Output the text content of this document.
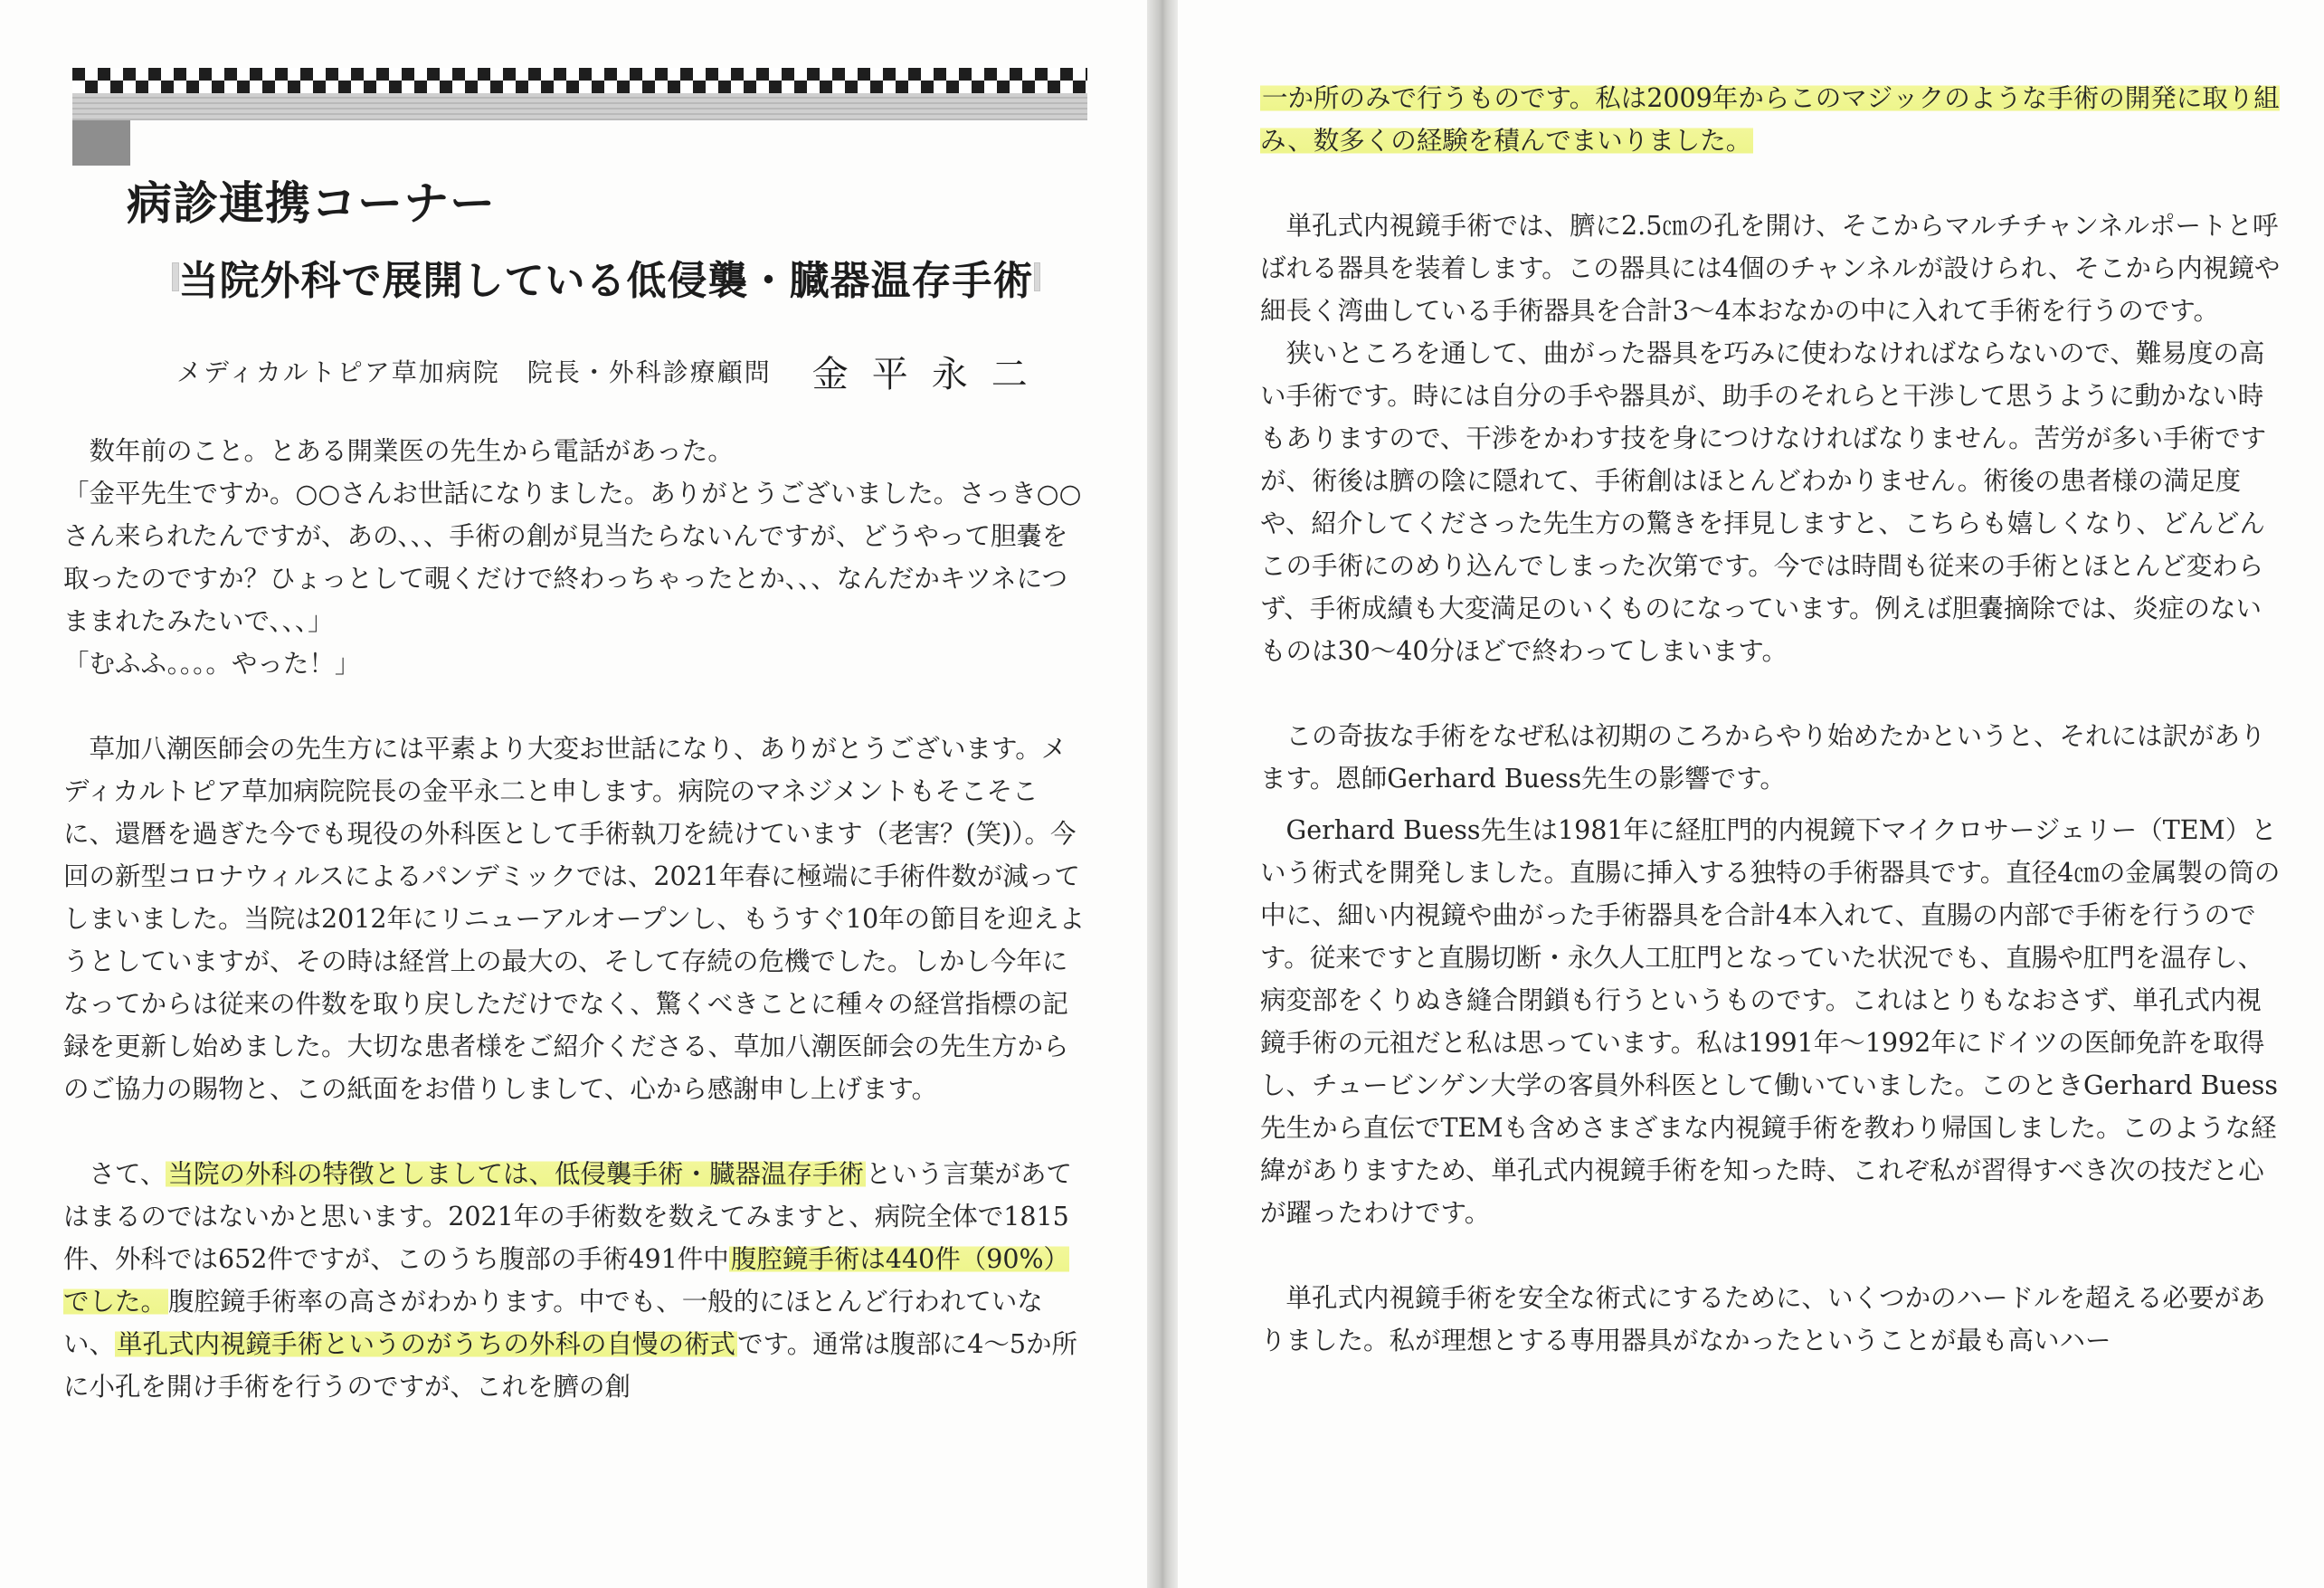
病診連携コーナー
当院外科で展開している低侵襲・臓器温存手術
メディカルトピア草加病院　院長・外科診療顧問 金平永二

数年前のこと。とある開業医の先生から電話があった。

「金平先生ですか。○○さんお世話になりました。ありがとうございました。さっき○○さん来られたんですが、あの、、、手術の創が見当たらないんですが、どうやって胆嚢を取ったのですか？ひょっとして覗くだけで終わっちゃったとか、、、なんだかキツネにつままれたみたいで、、、」

「むふふ。。。。やった！」

草加八潮医師会の先生方には平素より大変お世話になり、ありがとうございます。メディカルトピア草加病院院長の金平永二と申します。病院のマネジメントもそこそこに、還暦を過ぎた今でも現役の外科医として手術執刀を続けています（老害？(笑)）。今回の新型コロナウィルスによるパンデミックでは、2021年春に極端に手術件数が減ってしまいました。当院は2012年にリニューアルオープンし、もうすぐ10年の節目を迎えようとしていますが、その時は経営上の最大の、そして存続の危機でした。しかし今年になってからは従来の件数を取り戻しただけでなく、驚くべきことに種々の経営指標の記録を更新し始めました。大切な患者様をご紹介くださる、草加八潮医師会の先生方からのご協力の賜物と、この紙面をお借りしまして、心から感謝申し上げます。

さて、当院の外科の特徴としましては、低侵襲手術・臓器温存手術という言葉があてはまるのではないかと思います。2021年の手術数を数えてみますと、病院全体で1815件、外科では652件ですが、このうち腹部の手術491件中腹腔鏡手術は440件（90%）でした。腹腔鏡手術率の高さがわかります。中でも、一般的にほとんど行われていない、単孔式内視鏡手術というのがうちの外科の自慢の術式です。通常は腹部に4～5か所に小孔を開け手術を行うのですが、これを臍の創

一か所のみで行うものです。私は2009年からこのマジックのような手術の開発に取り組み、数多くの経験を積んでまいりました。

単孔式内視鏡手術では、臍に2.5㎝の孔を開け、そこからマルチチャンネルポートと呼ばれる器具を装着します。この器具には4個のチャンネルが設けられ、そこから内視鏡や細長く湾曲している手術器具を合計3～4本おなかの中に入れて手術を行うのです。

狭いところを通して、曲がった器具を巧みに使わなければならないので、難易度の高い手術です。時には自分の手や器具が、助手のそれらと干渉して思うように動かない時もありますので、干渉をかわす技を身につけなければなりません。苦労が多い手術ですが、術後は臍の陰に隠れて、手術創はほとんどわかりません。術後の患者様の満足度や、紹介してくださった先生方の驚きを拝見しますと、こちらも嬉しくなり、どんどんこの手術にのめり込んでしまった次第です。今では時間も従来の手術とほとんど変わらず、手術成績も大変満足のいくものになっています。例えば胆嚢摘除では、炎症のないものは30～40分ほどで終わってしまいます。

この奇抜な手術をなぜ私は初期のころからやり始めたかというと、それには訳があります。恩師Gerhard Buess先生の影響です。

Gerhard Buess先生は1981年に経肛門的内視鏡下マイクロサージェリー（TEM）という術式を開発しました。直腸に挿入する独特の手術器具です。直径4㎝の金属製の筒の中に、細い内視鏡や曲がった手術器具を合計4本入れて、直腸の内部で手術を行うのです。従来ですと直腸切断・永久人工肛門となっていた状況でも、直腸や肛門を温存し、病変部をくりぬき縫合閉鎖も行うというものです。これはとりもなおさず、単孔式内視鏡手術の元祖だと私は思っています。私は1991年～1992年にドイツの医師免許を取得し、チュービンゲン大学の客員外科医として働いていました。このときGerhard Buess先生から直伝でTEMも含めさまざまな内視鏡手術を教わり帰国しました。このような経緯がありますため、単孔式内視鏡手術を知った時、これぞ私が習得すべき次の技だと心が躍ったわけです。

単孔式内視鏡手術を安全な術式にするために、いくつかのハードルを超える必要がありました。私が理想とする専用器具がなかったということが最も高いハー
